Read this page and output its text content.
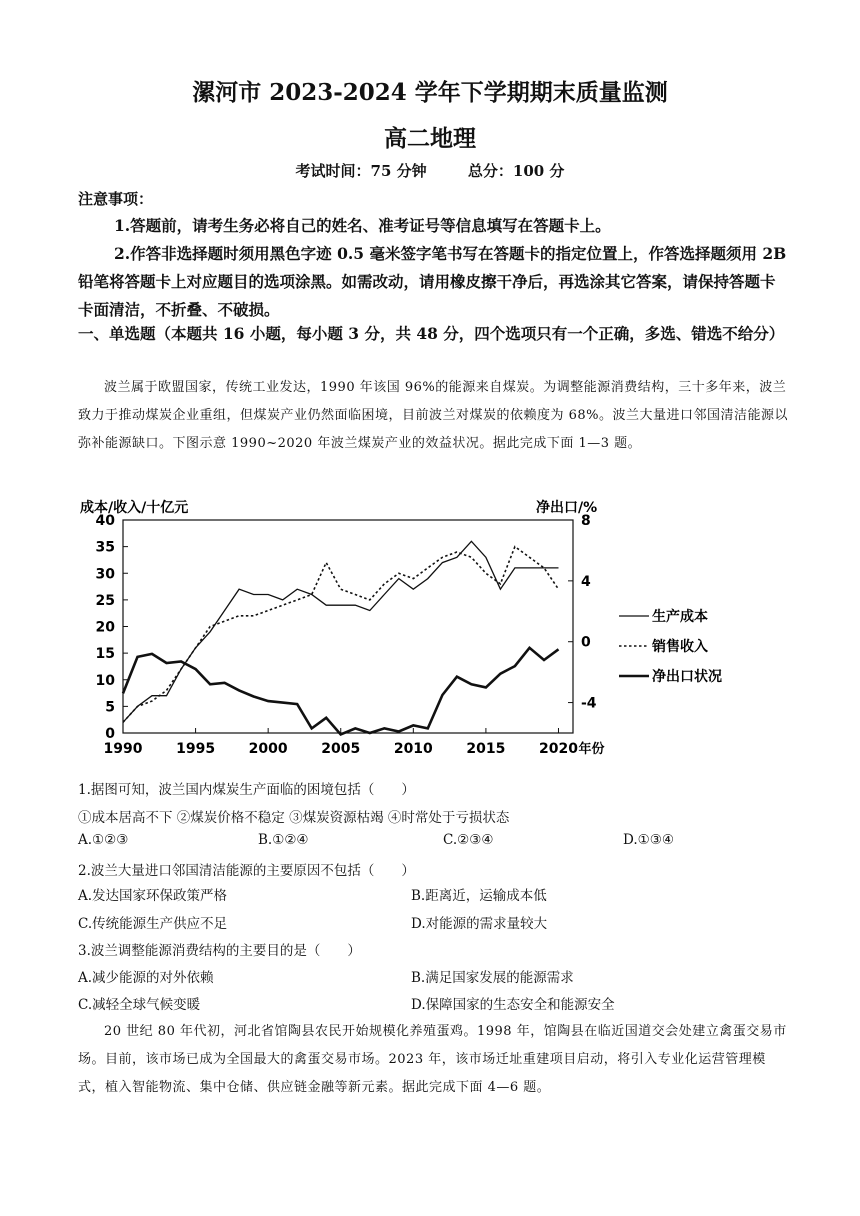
漯河市 2023-2024 学年下学期期末质量监测
高二地理
考试时间：75 分钟	总分：100 分
注意事项：
1.答题前，请考生务必将自己的姓名、准考证号等信息填写在答题卡上。
2.作答非选择题时须用黑色字迹 0.5 毫米签字笔书写在答题卡的指定位置上，作答选择题须用 2B 铅笔将答题卡上对应题目的选项涂黑。如需改动，请用橡皮擦干净后，再选涂其它答案，请保持答题卡卡面清洁，不折叠、不破损。
一、单选题（本题共 16 小题，每小题 3 分，共 48 分，四个选项只有一个正确，多选、错选不给分）
波兰属于欧盟国家，传统工业发达，1990 年该国 96%的能源来自煤炭。为调整能源消费结构，三十多年来，波兰致力于推动煤炭企业重组，但煤炭产业仍然面临困境，目前波兰对煤炭的依赖度为 68%。波兰大量进口邻国清洁能源以弥补能源缺口。下图示意 1990~2020 年波兰煤炭产业的效益状况。据此完成下面 1—3 题。
成本/收入/十亿元	净出口/%
0
5
10
15
20
25
30
35
40
-4
0
4
8
1990 1995 2000 2005 2010 2015 2020 年份
生产成本
销售收入
净出口状况
1.据图可知，波兰国内煤炭生产面临的困境包括（　　）
①成本居高不下 ②煤炭价格不稳定 ③煤炭资源枯竭 ④时常处于亏损状态
A.①②③	B.①②④	C.②③④	D.①③④
2.波兰大量进口邻国清洁能源的主要原因不包括（　　）
A.发达国家环保政策严格	B.距离近，运输成本低
C.传统能源生产供应不足	D.对能源的需求量较大
3.波兰调整能源消费结构的主要目的是（　　）
A.减少能源的对外依赖	B.满足国家发展的能源需求
C.减轻全球气候变暖	D.保障国家的生态安全和能源安全
20 世纪 80 年代初，河北省馆陶县农民开始规模化养殖蛋鸡。1998 年，馆陶县在临近国道交会处建立禽蛋交易市场。目前，该市场已成为全国最大的禽蛋交易市场。2023 年，该市场迁址重建项目启动，将引入专业化运营管理模式，植入智能物流、集中仓储、供应链金融等新元素。据此完成下面 4—6 题。
